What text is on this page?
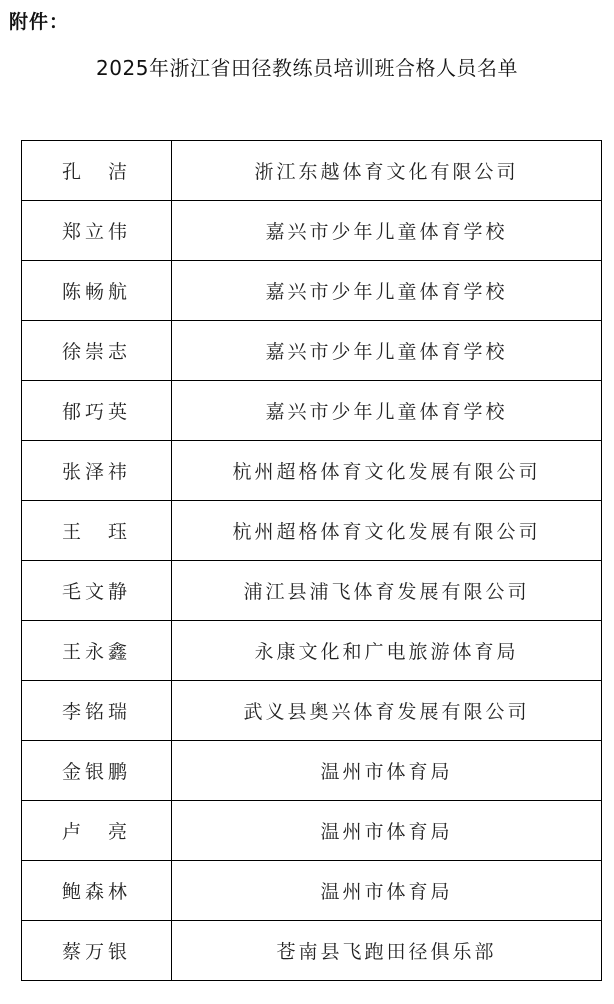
附件：
2025年浙江省田径教练员培训班合格人员名单
孔　洁	浙江东越体育文化有限公司
郑立伟	嘉兴市少年儿童体育学校
陈畅航	嘉兴市少年儿童体育学校
徐崇志	嘉兴市少年儿童体育学校
郁巧英	嘉兴市少年儿童体育学校
张泽祎	杭州超格体育文化发展有限公司
王　珏	杭州超格体育文化发展有限公司
毛文静	浦江县浦飞体育发展有限公司
王永鑫	永康文化和广电旅游体育局
李铭瑞	武义县奥兴体育发展有限公司
金银鹏	温州市体育局
卢　亮	温州市体育局
鲍森林	温州市体育局
蔡万银	苍南县飞跑田径俱乐部
